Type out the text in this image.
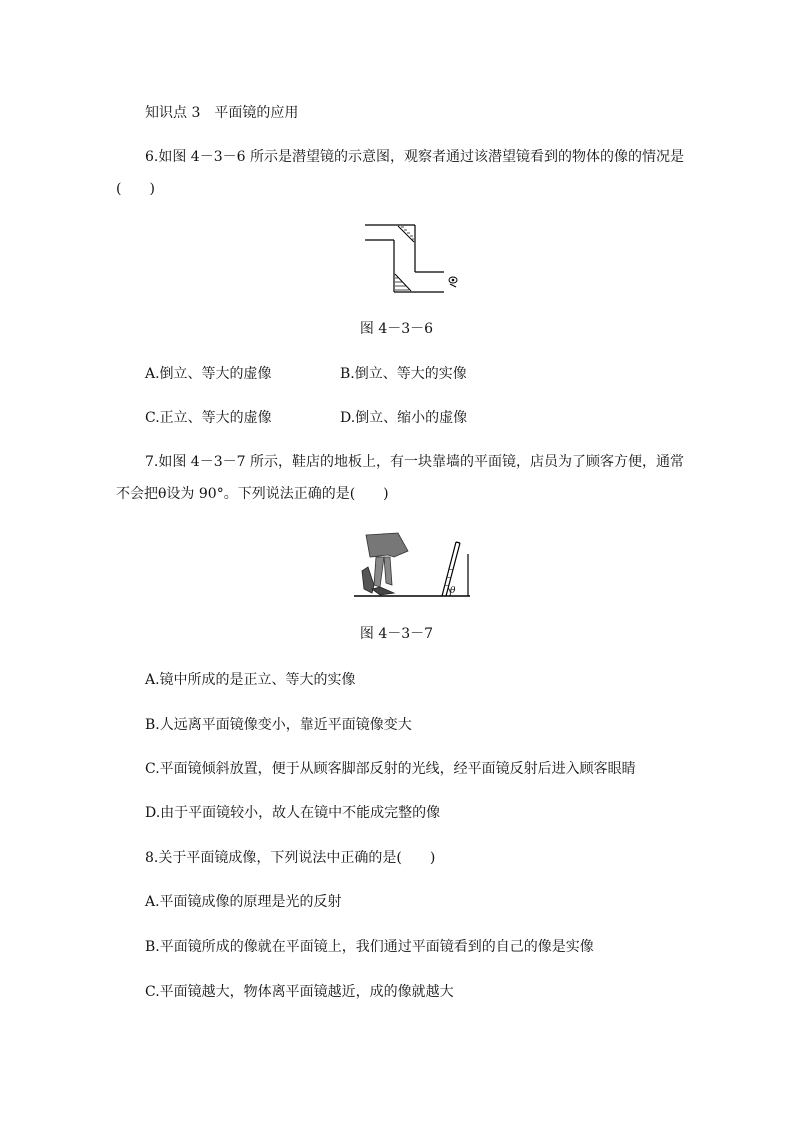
知识点 3　平面镜的应用
6.如图 4－3－6 所示是潜望镜的示意图，观察者通过该潜望镜看到的物体的像的情况是
(　　)
图 4－3－6
A.倒立、等大的虚像	B.倒立、等大的实像
C.正立、等大的虚像	D.倒立、缩小的虚像
7.如图 4－3－7 所示，鞋店的地板上，有一块靠墙的平面镜，店员为了顾客方便，通常
不会把θ设为 90°。下列说法正确的是(　　)
θ
图 4－3－7
A.镜中所成的是正立、等大的实像
B.人远离平面镜像变小，靠近平面镜像变大
C.平面镜倾斜放置，便于从顾客脚部反射的光线，经平面镜反射后进入顾客眼睛
D.由于平面镜较小，故人在镜中不能成完整的像
8.关于平面镜成像，下列说法中正确的是(　　)
A.平面镜成像的原理是光的反射
B.平面镜所成的像就在平面镜上，我们通过平面镜看到的自己的像是实像
C.平面镜越大，物体离平面镜越近，成的像就越大
